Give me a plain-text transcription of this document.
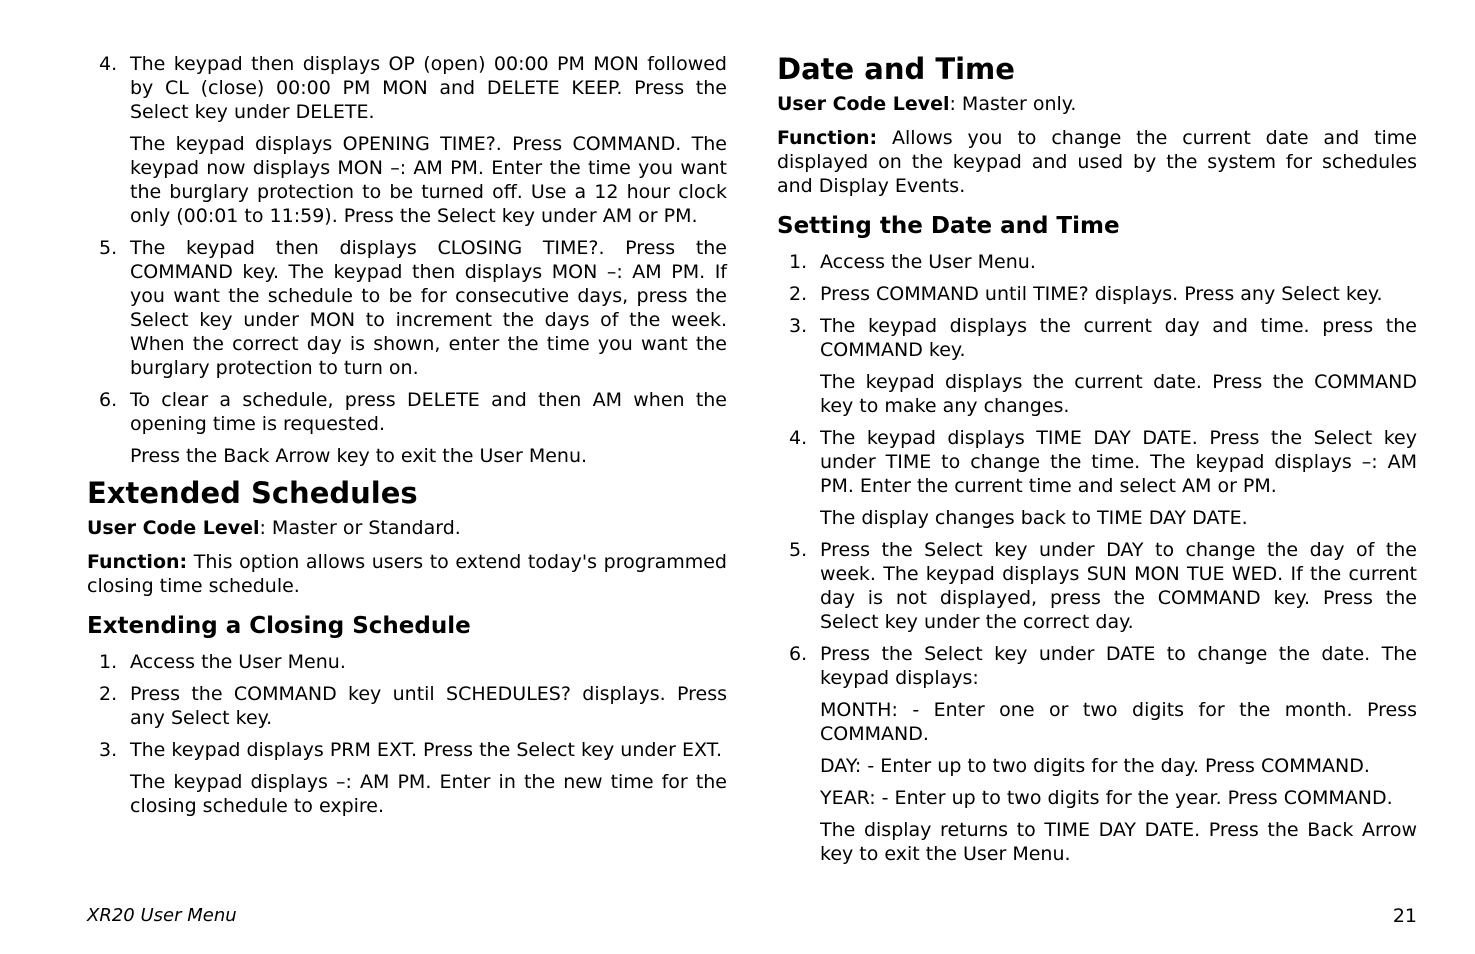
4 . The keypad then displays OP (open) 00:00 PM MON followed by CL (close) 00:00 PM MON and DELETE KEEP. Press the Select key under DELETE.

The keypad displays OPENING TIME?. Press COMMAND. The keypad now displays MON –: AM PM. Enter the time you want the burglary protection to be turned off. Use a 12 hour clock only (00:01 to 11:59). Press the Select key under AM or PM.

5 . The keypad then displays CLOSING TIME?. Press the COMMAND key. The keypad then displays MON –: AM PM. If you want the schedule to be for consecutive days, press the Select key under MON to increment the days of the week. When the correct day is shown, enter the time you want the burglary protection to turn on.

6 . To clear a schedule, press DELETE and then AM when the opening time is requested.

Press the Back Arrow key to exit the User Menu.

Extended Schedules

User Code Level: Master or Standard.

Function: This option allows users to extend today's programmed closing time schedule.

Extending a Closing Schedule
1 . Access the User Menu.

2 . Press the COMMAND key until SCHEDULES? displays. Press any Select key.

3 . The keypad displays PRM EXT. Press the Select key under EXT.

The keypad displays –: AM PM. Enter in the new time for the closing schedule to expire.

Date and Time

User Code Level: Master only.

Function: Allows you to change the current date and time displayed on the keypad and used by the system for schedules and Display Events.

Setting the Date and Time
1 . Access the User Menu.

2 . Press COMMAND until TIME? displays. Press any Select key.

3 . The keypad displays the current day and time. press the COMMAND key.

The keypad displays the current date. Press the COMMAND key to make any changes.

4 . The keypad displays TIME DAY DATE. Press the Select key under TIME to change the time. The keypad displays –: AM PM. Enter the current time and select AM or PM.

The display changes back to TIME DAY DATE.

5 . Press the Select key under DAY to change the day of the week. The keypad displays SUN MON TUE WED. If the current day is not displayed, press the COMMAND key. Press the Select key under the correct day.

6 . Press the Select key under DATE to change the date. The keypad displays:

MONTH: - Enter one or two digits for the month. Press COMMAND.

DAY: - Enter up to two digits for the day. Press COMMAND.

YEAR: - Enter up to two digits for the year. Press COMMAND.

The display returns to TIME DAY DATE. Press the Back Arrow key to exit the User Menu.

XR20 User Menu	21
